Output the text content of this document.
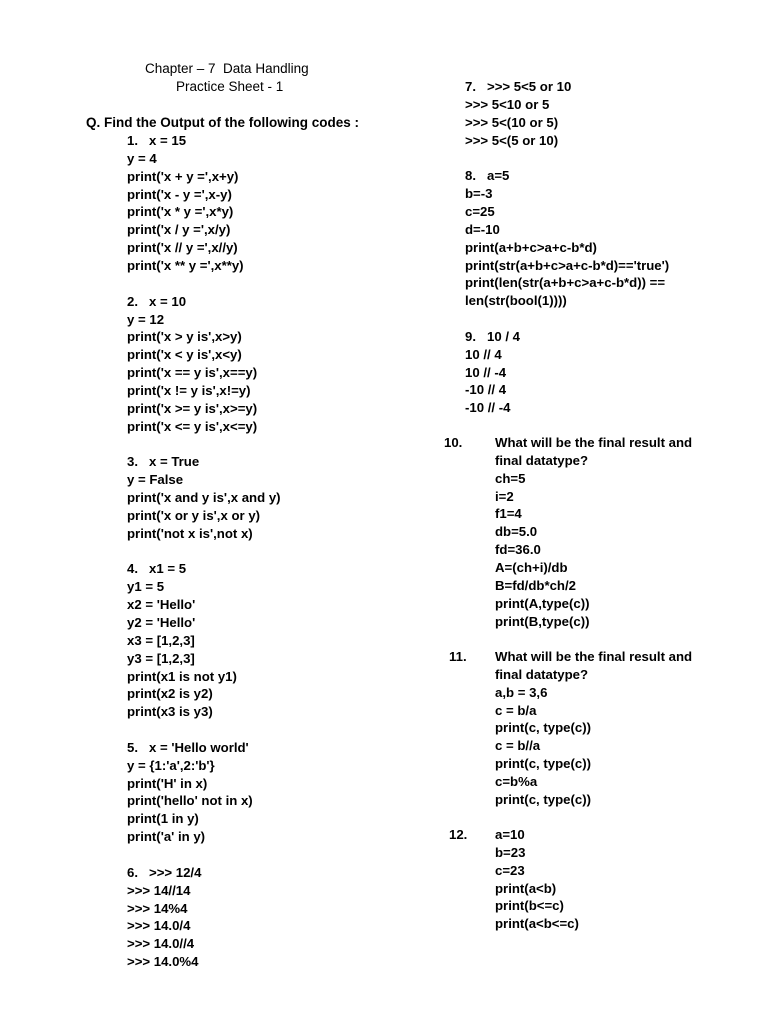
Chapter – 7  Data Handling
Practice Sheet - 1
Q. Find the Output of the following codes :
1.   x = 15
y = 4
print('x + y =',x+y)
print('x - y =',x-y)
print('x * y =',x*y)
print('x / y =',x/y)
print('x // y =',x//y)
print('x ** y =',x**y)
2.   x = 10
y = 12
print('x > y is',x>y)
print('x < y is',x<y)
print('x == y is',x==y)
print('x != y is',x!=y)
print('x >= y is',x>=y)
print('x <= y is',x<=y)
3.   x = True
y = False
print('x and y is',x and y)
print('x or y is',x or y)
print('not x is',not x)
4.   x1 = 5
y1 = 5
x2 = 'Hello'
y2 = 'Hello'
x3 = [1,2,3]
y3 = [1,2,3]
print(x1 is not y1)
print(x2 is y2)
print(x3 is y3)
5.   x = 'Hello world'
y = {1:'a',2:'b'}
print('H' in x)
print('hello' not in x)
print(1 in y)
print('a' in y)
6.   >>> 12/4
>>> 14//14
>>> 14%4
>>> 14.0/4
>>> 14.0//4
>>> 14.0%4
7.   >>> 5<5 or 10
>>> 5<10 or 5
>>> 5<(10 or 5)
>>> 5<(5 or 10)
8.   a=5
b=-3
c=25
d=-10
print(a+b+c>a+c-b*d)
print(str(a+b+c>a+c-b*d)=='true')
print(len(str(a+b+c>a+c-b*d)) ==
len(str(bool(1))))
9.   10 / 4
10 // 4
10 // -4
-10 // 4
-10 // -4
10. What will be the final result and
final datatype?
ch=5
i=2
f1=4
db=5.0
fd=36.0
A=(ch+i)/db
B=fd/db*ch/2
print(A,type(c))
print(B,type(c))
11. What will be the final result and
final datatype?
a,b = 3,6
c = b/a
print(c, type(c))
c = b//a
print(c, type(c))
c=b%a
print(c, type(c))
12. a=10
b=23
c=23
print(a<b)
print(b<=c)
print(a<b<=c)
